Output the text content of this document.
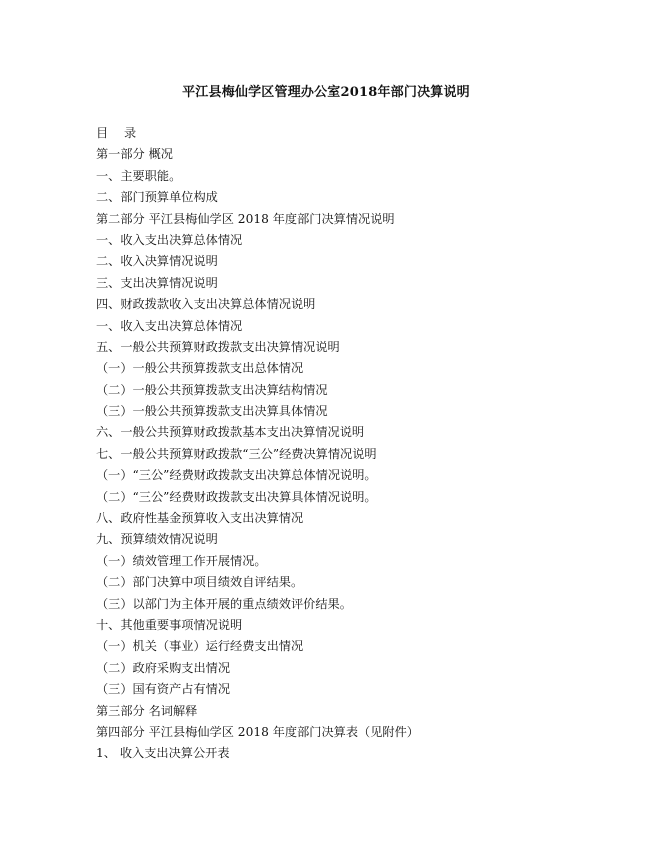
平江县梅仙学区管理办公室2018年部门决算说明
目 录
第一部分 概况
一、主要职能。
二、部门预算单位构成
第二部分 平江县梅仙学区 2018 年度部门决算情况说明
一、收入支出决算总体情况
二、收入决算情况说明
三、支出决算情况说明
四、财政拨款收入支出决算总体情况说明
一、收入支出决算总体情况
五、一般公共预算财政拨款支出决算情况说明
（一）一般公共预算拨款支出总体情况
（二）一般公共预算拨款支出决算结构情况
（三）一般公共预算拨款支出决算具体情况
六、一般公共预算财政拨款基本支出决算情况说明
七、一般公共预算财政拨款“三公”经费决算情况说明
（一）“三公”经费财政拨款支出决算总体情况说明。
（二）“三公”经费财政拨款支出决算具体情况说明。
八、政府性基金预算收入支出决算情况
九、预算绩效情况说明
（一）绩效管理工作开展情况。
（二）部门决算中项目绩效自评结果。
（三）以部门为主体开展的重点绩效评价结果。
十、其他重要事项情况说明
（一）机关（事业）运行经费支出情况
（二）政府采购支出情况
（三）国有资产占有情况
第三部分 名词解释
第四部分 平江县梅仙学区 2018 年度部门决算表（见附件）
1、 收入支出决算公开表
